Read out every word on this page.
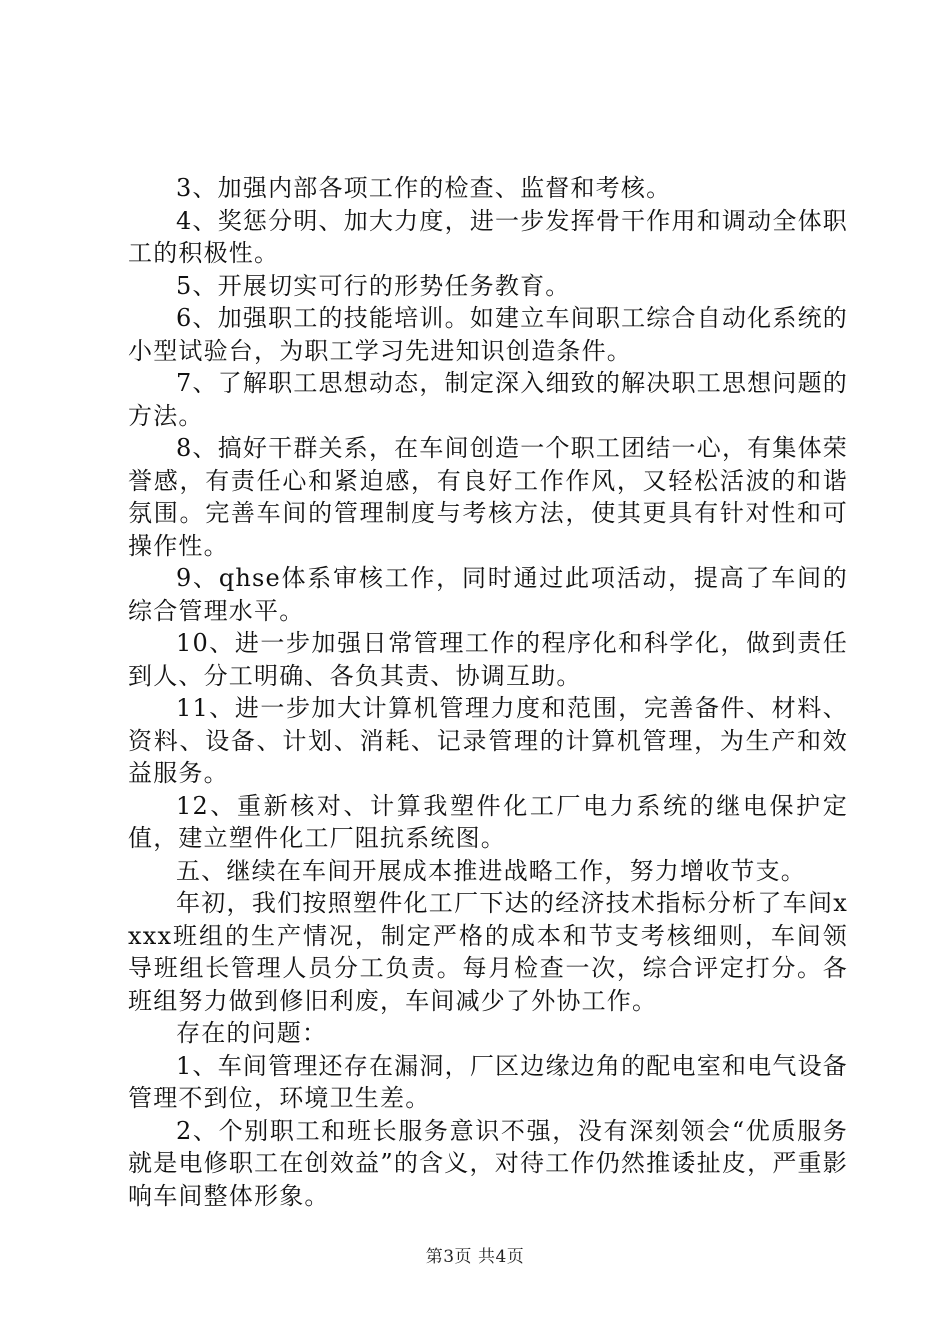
3、加强内部各项工作的检查、监督和考核。

4、奖惩分明、加大力度，进一步发挥骨干作用和调动全体职工的积极性。

5、开展切实可行的形势任务教育。

6、加强职工的技能培训。如建立车间职工综合自动化系统的小型试验台，为职工学习先进知识创造条件。

7、了解职工思想动态，制定深入细致的解决职工思想问题的方法。

8、搞好干群关系，在车间创造一个职工团结一心，有集体荣誉感，有责任心和紧迫感，有良好工作作风，又轻松活波的和谐氛围。完善车间的管理制度与考核方法，使其更具有针对性和可操作性。

9、qhse体系审核工作，同时通过此项活动，提高了车间的综合管理水平。

10、进一步加强日常管理工作的程序化和科学化，做到责任到人、分工明确、各负其责、协调互助。

11、进一步加大计算机管理力度和范围，完善备件、材料、资料、设备、计划、消耗、记录管理的计算机管理，为生产和效益服务。

12、重新核对、计算我塑件化工厂电力系统的继电保护定值，建立塑件化工厂阻抗系统图。

五、继续在车间开展成本推进战略工作，努力增收节支。

年初，我们按照塑件化工厂下达的经济技术指标分析了车间xxxx班组的生产情况，制定严格的成本和节支考核细则，车间领导班组长管理人员分工负责。每月检查一次，综合评定打分。各班组努力做到修旧利废，车间减少了外协工作。

存在的问题：

1、车间管理还存在漏洞，厂区边缘边角的配电室和电气设备管理不到位，环境卫生差。

2、个别职工和班长服务意识不强，没有深刻领会“优质服务就是电修职工在创效益”的含义，对待工作仍然推诿扯皮，严重影响车间整体形象。

第3页 共4页
